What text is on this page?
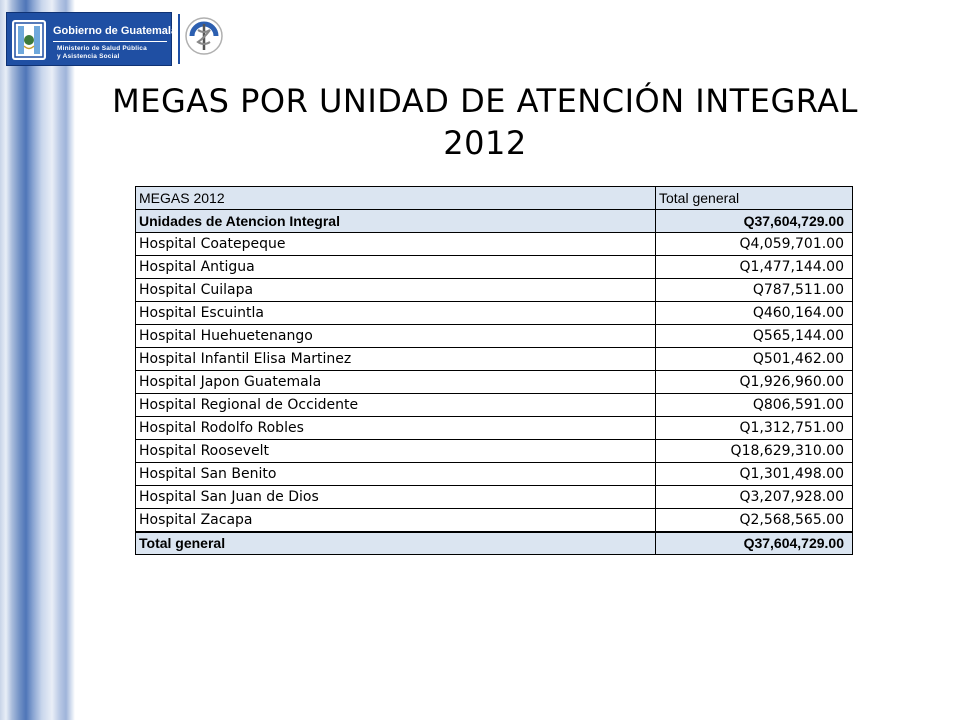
Gobierno de Guatemala
Ministerio de Salud Pública
y Asistencia Social
MEGAS POR UNIDAD DE ATENCIÓN INTEGRAL 2012
MEGAS 2012	Total general
Unidades de Atencion Integral	Q37,604,729.00
Hospital Coatepeque	Q4,059,701.00
Hospital Antigua	Q1,477,144.00
Hospital Cuilapa	Q787,511.00
Hospital Escuintla	Q460,164.00
Hospital Huehuetenango	Q565,144.00
Hospital Infantil Elisa Martinez	Q501,462.00
Hospital Japon Guatemala	Q1,926,960.00
Hospital Regional de Occidente	Q806,591.00
Hospital Rodolfo Robles	Q1,312,751.00
Hospital Roosevelt	Q18,629,310.00
Hospital San Benito	Q1,301,498.00
Hospital San Juan de Dios	Q3,207,928.00
Hospital Zacapa	Q2,568,565.00
Total general	Q37,604,729.00
